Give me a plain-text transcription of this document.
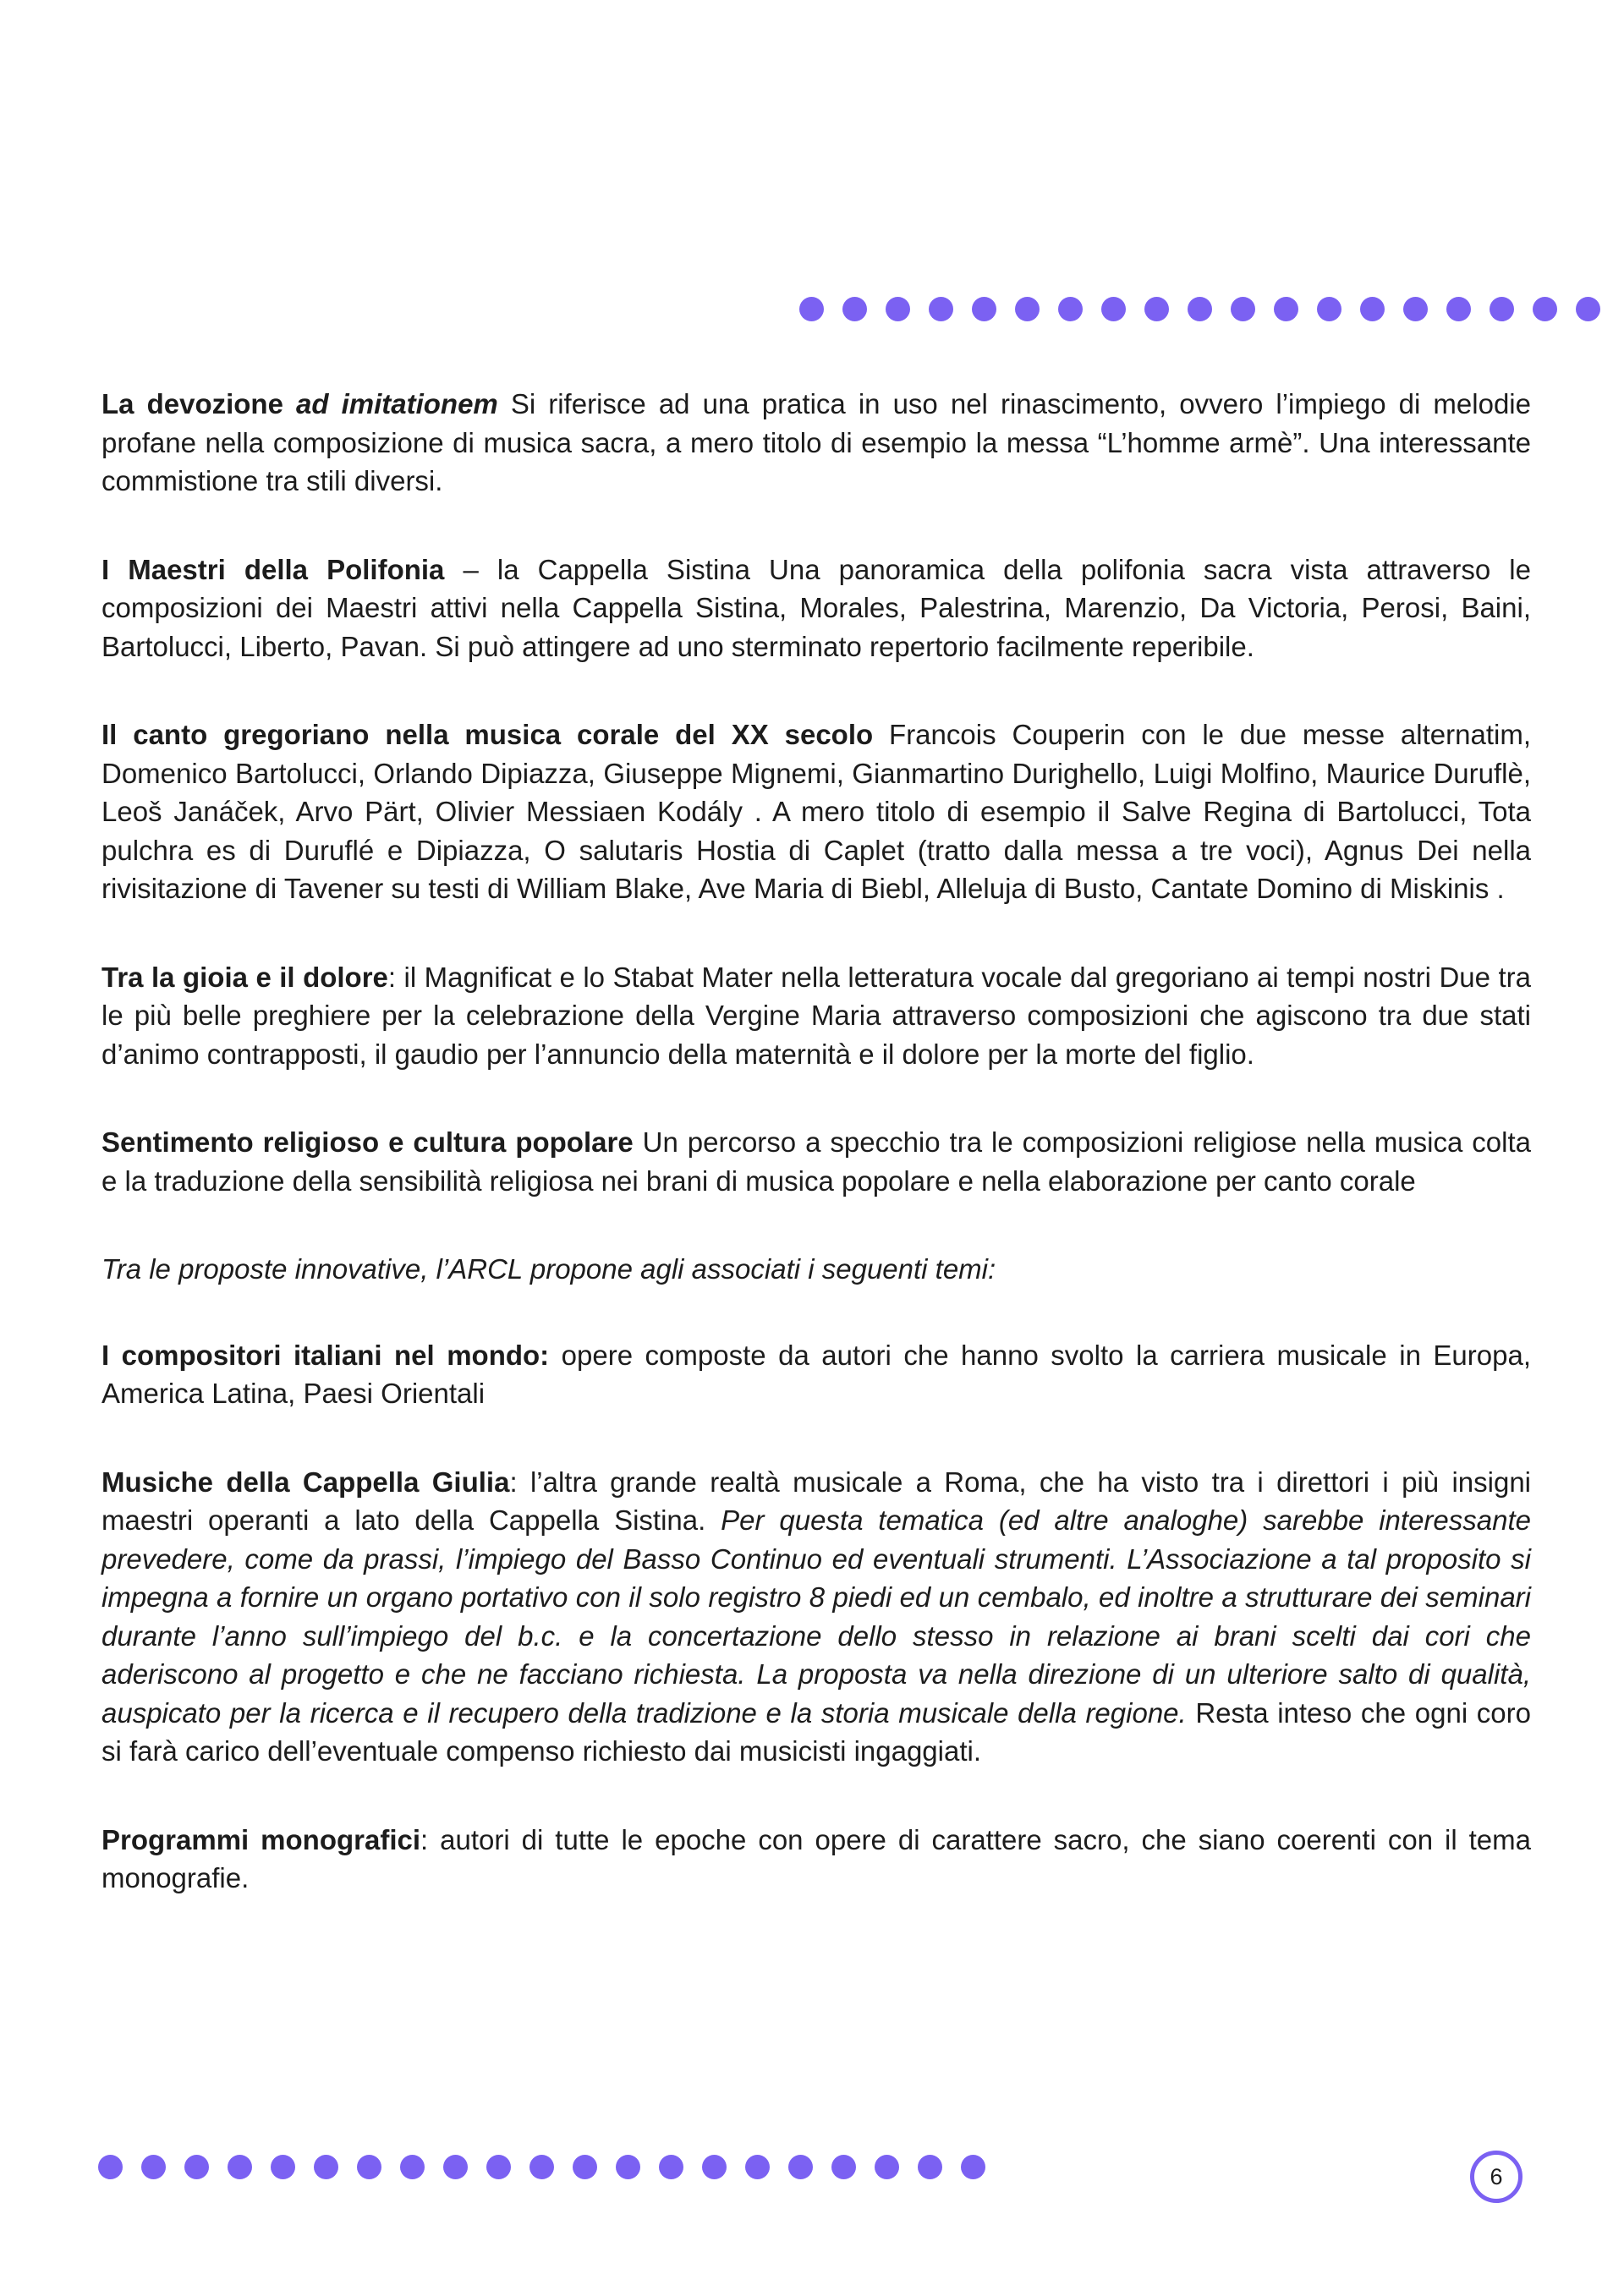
La devozione ad imitationem Si riferisce ad una pratica in uso nel rinascimento, ovvero l’impiego di melodie profane nella composizione di musica sacra, a mero titolo di esempio la messa “L’homme armè”. Una interessante commistione tra stili diversi.

I Maestri della Polifonia – la Cappella Sistina Una panoramica della polifonia sacra vista attraverso le composizioni dei Maestri attivi nella Cappella Sistina, Morales, Palestrina, Marenzio, Da Victoria, Perosi, Baini, Bartolucci, Liberto, Pavan. Si può attingere ad uno sterminato repertorio facilmente reperibile.

Il canto gregoriano nella musica corale del XX secolo Francois Couperin con le due messe alternatim, Domenico Bartolucci, Orlando Dipiazza, Giuseppe Mignemi, Gianmartino Durighello, Luigi Molfino, Maurice Duruflè, Leoš Janáček, Arvo Pärt, Olivier Messiaen Kodály . A mero titolo di esempio il Salve Regina di Bartolucci, Tota pulchra es di Duruflé e Dipiazza, O salutaris Hostia di Caplet (tratto dalla messa a tre voci), Agnus Dei nella rivisitazione di Tavener su testi di William Blake, Ave Maria di Biebl, Alleluja di Busto, Cantate Domino di Miskinis .

Tra la gioia e il dolore: il Magnificat e lo Stabat Mater nella letteratura vocale dal gregoriano ai tempi nostri Due tra le più belle preghiere per la celebrazione della Vergine Maria attraverso composizioni che agiscono tra due stati d’animo contrapposti, il gaudio per l’annuncio della maternità e il dolore per la morte del figlio.

Sentimento religioso e cultura popolare Un percorso a specchio tra le composizioni religiose nella musica colta e la traduzione della sensibilità religiosa nei brani di musica popolare e nella elaborazione per canto corale

Tra le proposte innovative, l’ARCL propone agli associati i seguenti temi:

I compositori italiani nel mondo: opere composte da autori che hanno svolto la carriera musicale in Europa, America Latina, Paesi Orientali

Musiche della Cappella Giulia: l’altra grande realtà musicale a Roma, che ha visto tra i direttori i più insigni maestri operanti a lato della Cappella Sistina. Per questa tematica (ed altre analoghe) sarebbe interessante prevedere, come da prassi, l’impiego del Basso Continuo ed eventuali strumenti. L’Associazione a tal proposito si impegna a fornire un organo portativo con il solo registro 8 piedi ed un cembalo, ed inoltre a strutturare dei seminari durante l’anno sull’impiego del b.c. e la concertazione dello stesso in relazione ai brani scelti dai cori che aderiscono al progetto e che ne facciano richiesta. La proposta va nella direzione di un ulteriore salto di qualità, auspicato per la ricerca e il recupero della tradizione e la storia musicale della regione. Resta inteso che ogni coro si farà carico dell’eventuale compenso richiesto dai musicisti ingaggiati.

Programmi monografici: autori di tutte le epoche con opere di carattere sacro, che siano coerenti con il tema monografie.

6
